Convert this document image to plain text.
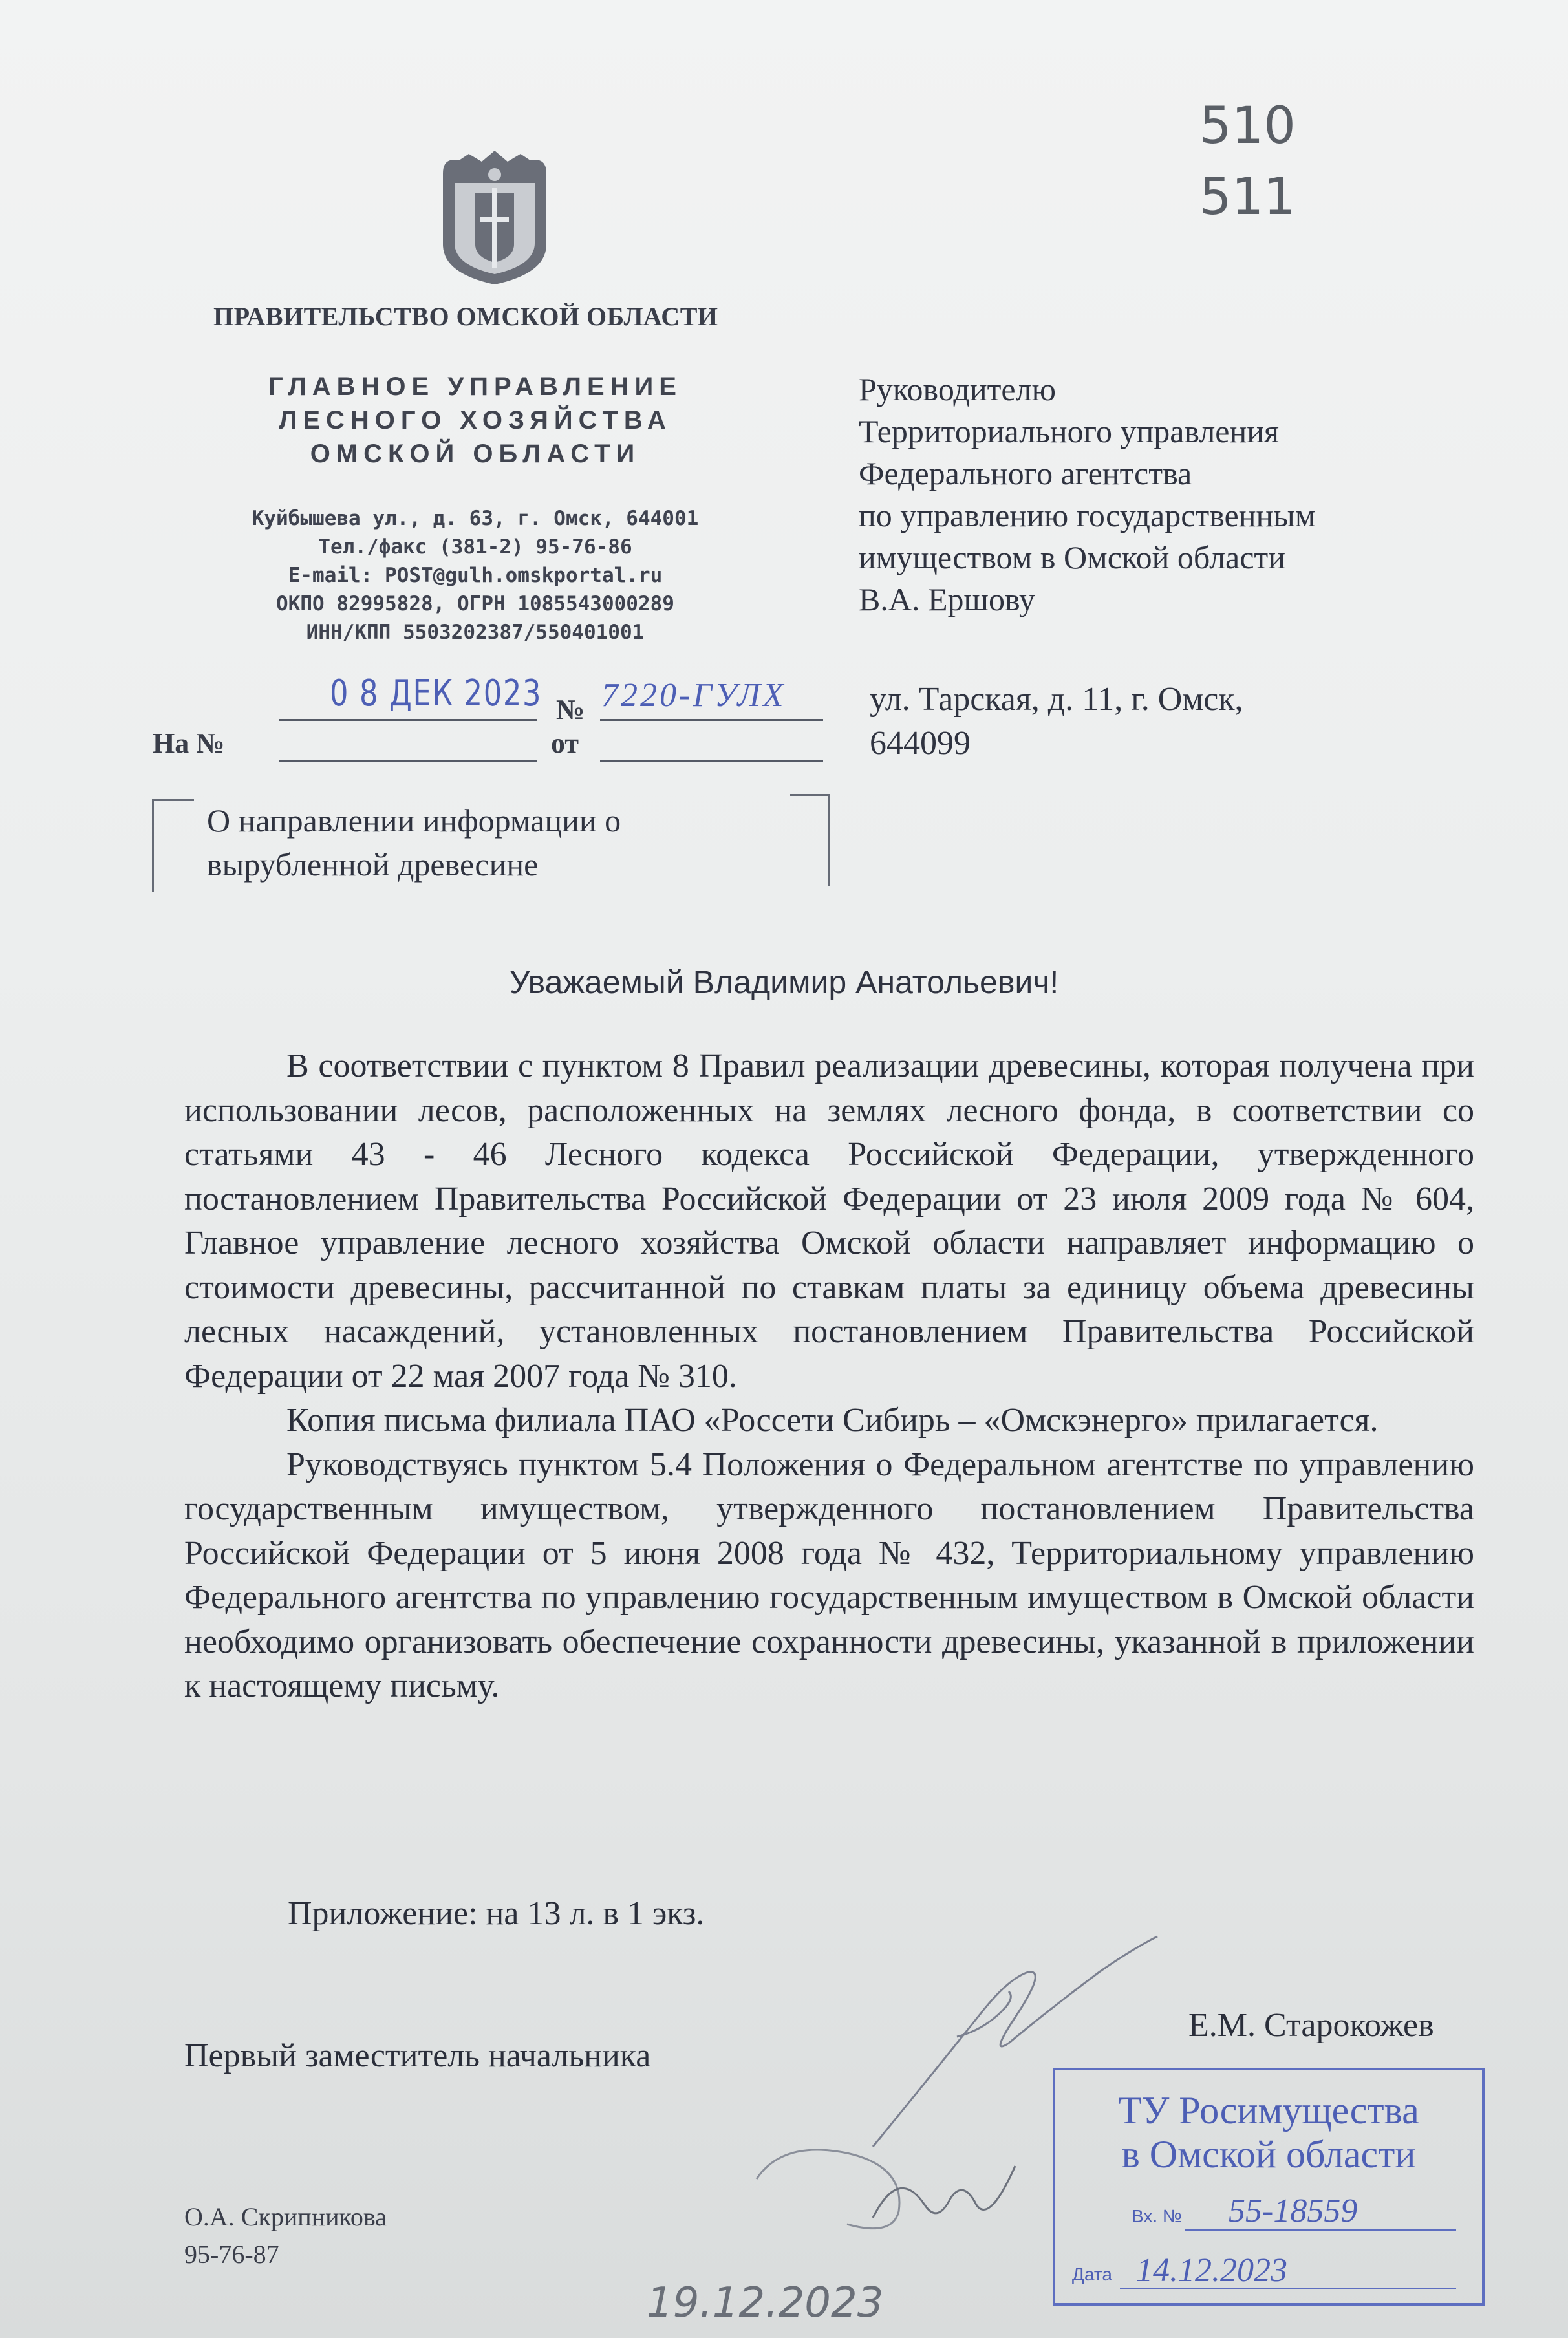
510
511
ПРАВИТЕЛЬСТВО ОМСКОЙ ОБЛАСТИ
ГЛАВНОЕ УПРАВЛЕНИЕ
ЛЕСНОГО ХОЗЯЙСТВА
ОМСКОЙ ОБЛАСТИ
Куйбышева ул., д. 63, г. Омск, 644001
Тел./факс (381-2) 95-76-86
E-mail: POST@gulh.omskportal.ru
ОКПО 82995828, ОГРН 1085543000289
ИНН/КПП 5503202387/550401001
Руководителю
Территориального управления
Федерального агентства
по управлению государственным
имуществом в Омской области
В.А. Ершову
ул. Тарская, д. 11, г. Омск,
644099
0 8 ДЕК 2023 № 7220-ГУЛХ
На №	от
О направлении информации о
вырубленной древесине
Уважаемый Владимир Анатольевич!

В соответствии с пунктом 8 Правил реализации древесины, которая получена при использовании лесов, расположенных на землях лесного фонда, в соответствии со статьями 43 - 46 Лесного кодекса Российской Федерации, утвержденного постановлением Правительства Российской Федерации от 23 июля 2009 года № 604, Главное управление лесного хозяйства Омской области направляет информацию о стоимости древесины, рассчитанной по ставкам платы за единицу объема древесины лесных насаждений, установленных постановлением Правительства Российской Федерации от 22 мая 2007 года № 310.

Копия письма филиала ПАО «Россети Сибирь – «Омскэнерго» прилагается.

Руководствуясь пунктом 5.4 Положения о Федеральном агентстве по управлению государственным имуществом, утвержденного постановлением Правительства Российской Федерации от 5 июня 2008 года № 432, Территориальному управлению Федерального агентства по управлению государственным имуществом в Омской области необходимо организовать обеспечение сохранности древесины, указанной в приложении к настоящему письму.

Приложение: на 13 л. в 1 экз.
Е.М. Старокожев
Первый заместитель начальника
О.А. Скрипникова
95-76-87
ТУ Росимущества
в Омской области
Вх. № 55-18559
Дата 14.12.2023
19.12.2023
